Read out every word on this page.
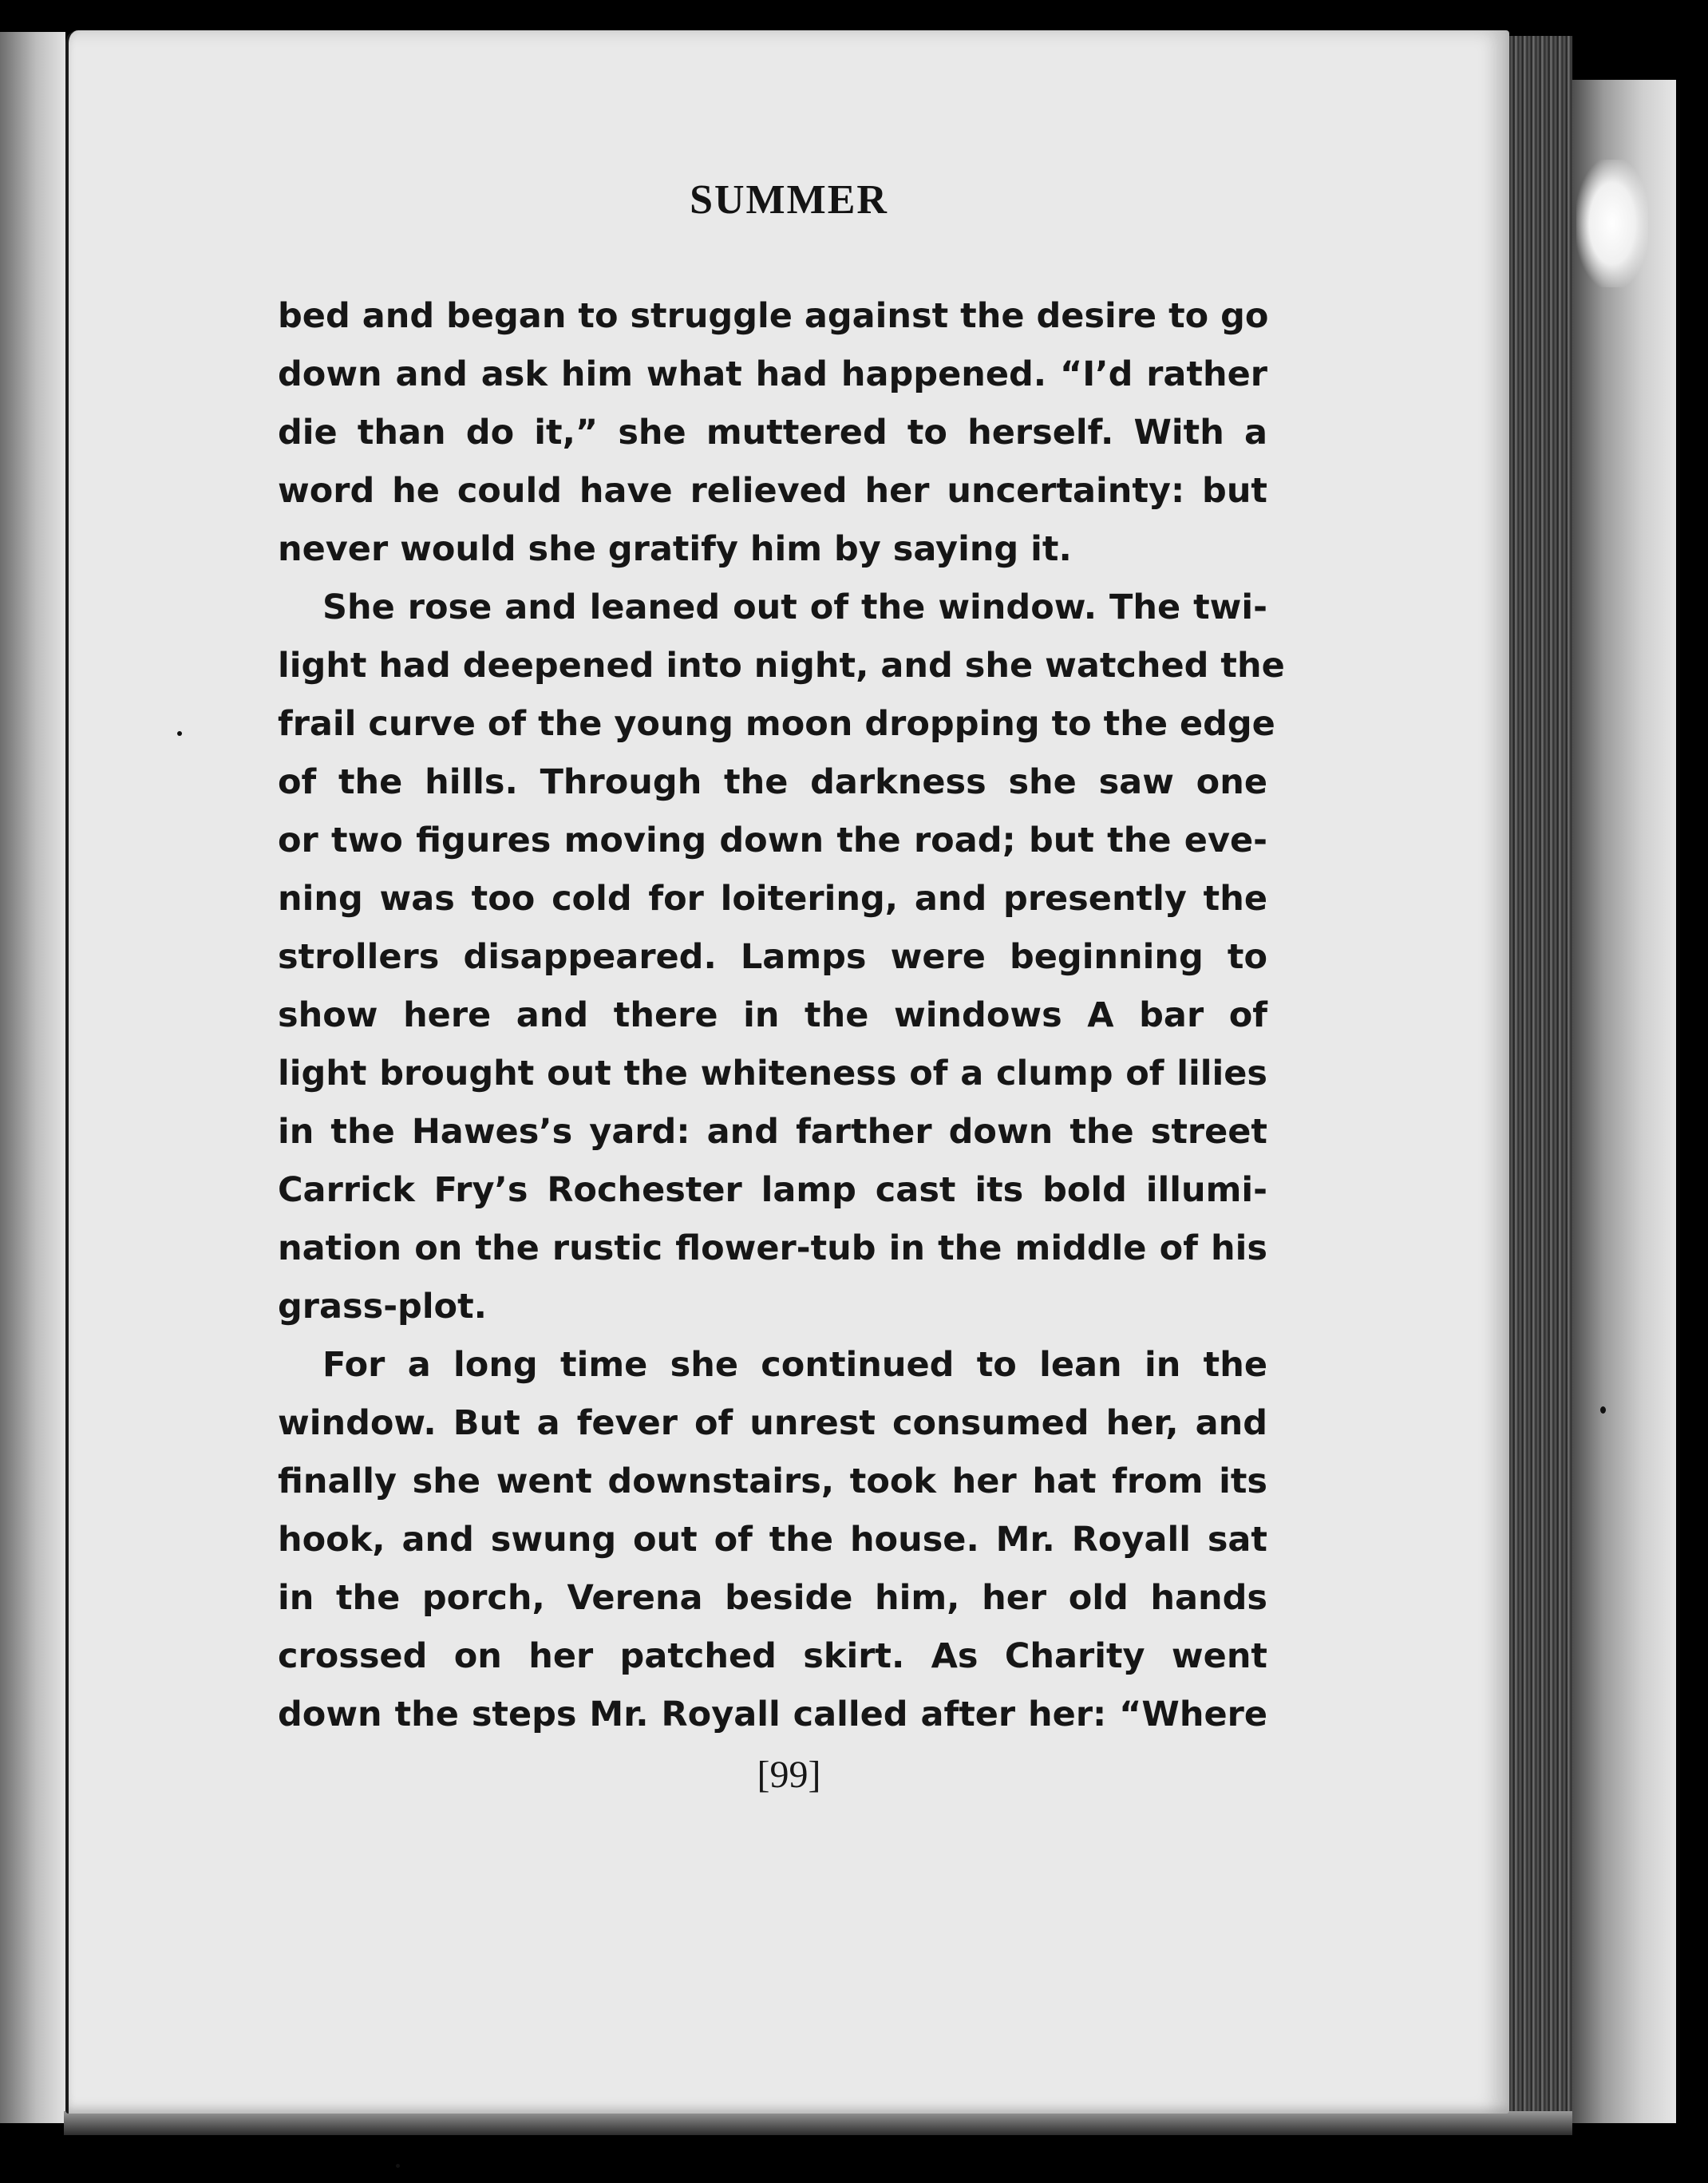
SUMMER
bed and began to struggle against the desire to go
down and ask him what had happened. “I’d rather
die than do it,” she muttered to herself. With a
word he could have relieved her uncertainty: but
never would she gratify him by saying it.
She rose and leaned out of the window. The twi-
light had deepened into night, and she watched the
frail curve of the young moon dropping to the edge
of the hills. Through the darkness she saw one
or two figures moving down the road; but the eve-
ning was too cold for loitering, and presently the
strollers disappeared. Lamps were beginning to
show here and there in the windows A bar of
light brought out the whiteness of a clump of lilies
in the Hawes’s yard: and farther down the street
Carrick Fry’s Rochester lamp cast its bold illumi-
nation on the rustic flower-tub in the middle of his
grass-plot.
For a long time she continued to lean in the
window. But a fever of unrest consumed her, and
finally she went downstairs, took her hat from its
hook, and swung out of the house. Mr. Royall sat
in the porch, Verena beside him, her old hands
crossed on her patched skirt. As Charity went
down the steps Mr. Royall called after her: “Where
[99]
